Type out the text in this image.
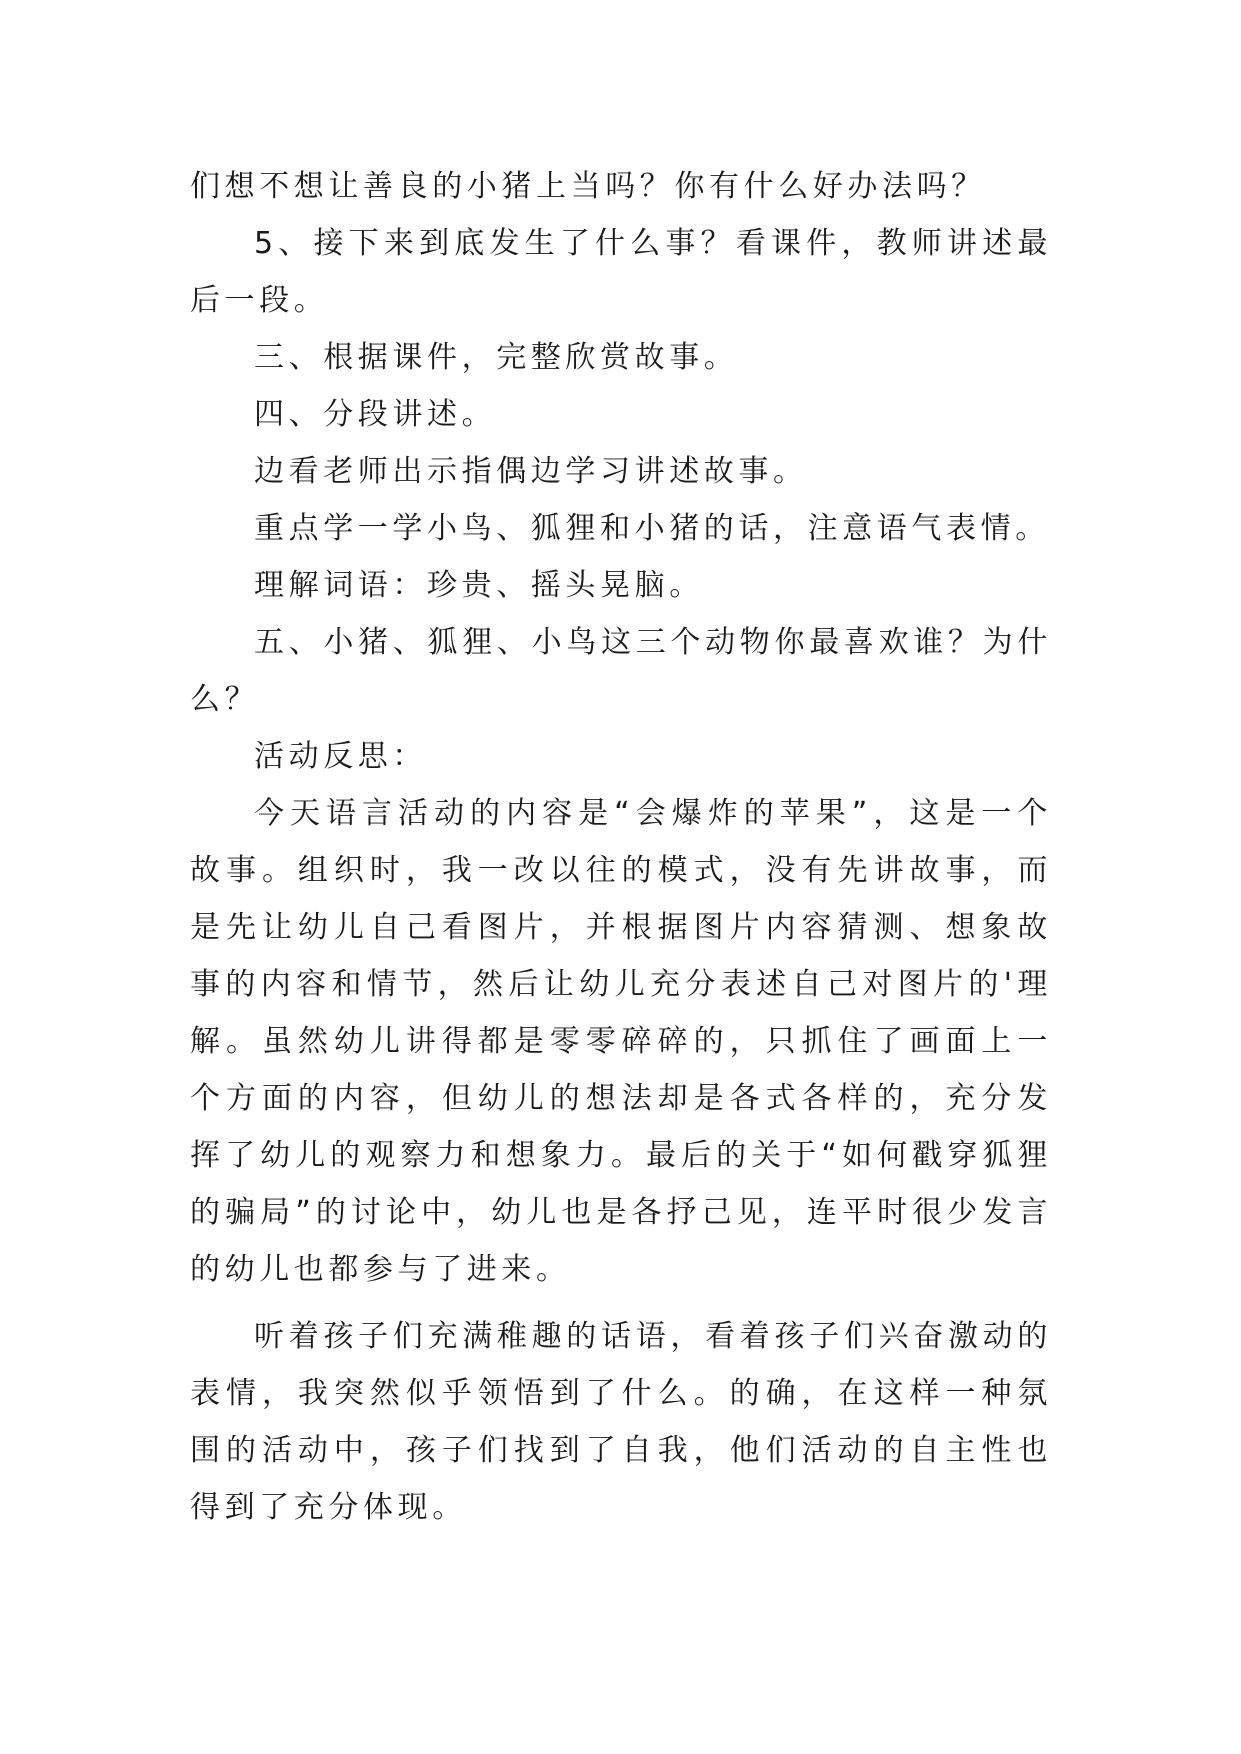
们想不想让善良的小猪上当吗？你有什么好办法吗？

5、接下来到底发生了什么事？看课件，教师讲述最后一段。

三、根据课件，完整欣赏故事。

四、分段讲述。

边看老师出示指偶边学习讲述故事。

重点学一学小鸟、狐狸和小猪的话，注意语气表情。

理解词语：珍贵、摇头晃脑。

五、小猪、狐狸、小鸟这三个动物你最喜欢谁？为什么？

活动反思：

今天语言活动的内容是“会爆炸的苹果”，这是一个故事。组织时，我一改以往的模式，没有先讲故事，而是先让幼儿自己看图片，并根据图片内容猜测、想象故事的内容和情节，然后让幼儿充分表述自己对图片的'理解。虽然幼儿讲得都是零零碎碎的，只抓住了画面上一个方面的内容，但幼儿的想法却是各式各样的，充分发挥了幼儿的观察力和想象力。最后的关于“如何戳穿狐狸的骗局”的讨论中，幼儿也是各抒己见，连平时很少发言的幼儿也都参与了进来。

听着孩子们充满稚趣的话语，看着孩子们兴奋激动的表情，我突然似乎领悟到了什么。的确，在这样一种氛围的活动中，孩子们找到了自我，他们活动的自主性也得到了充分体现。
